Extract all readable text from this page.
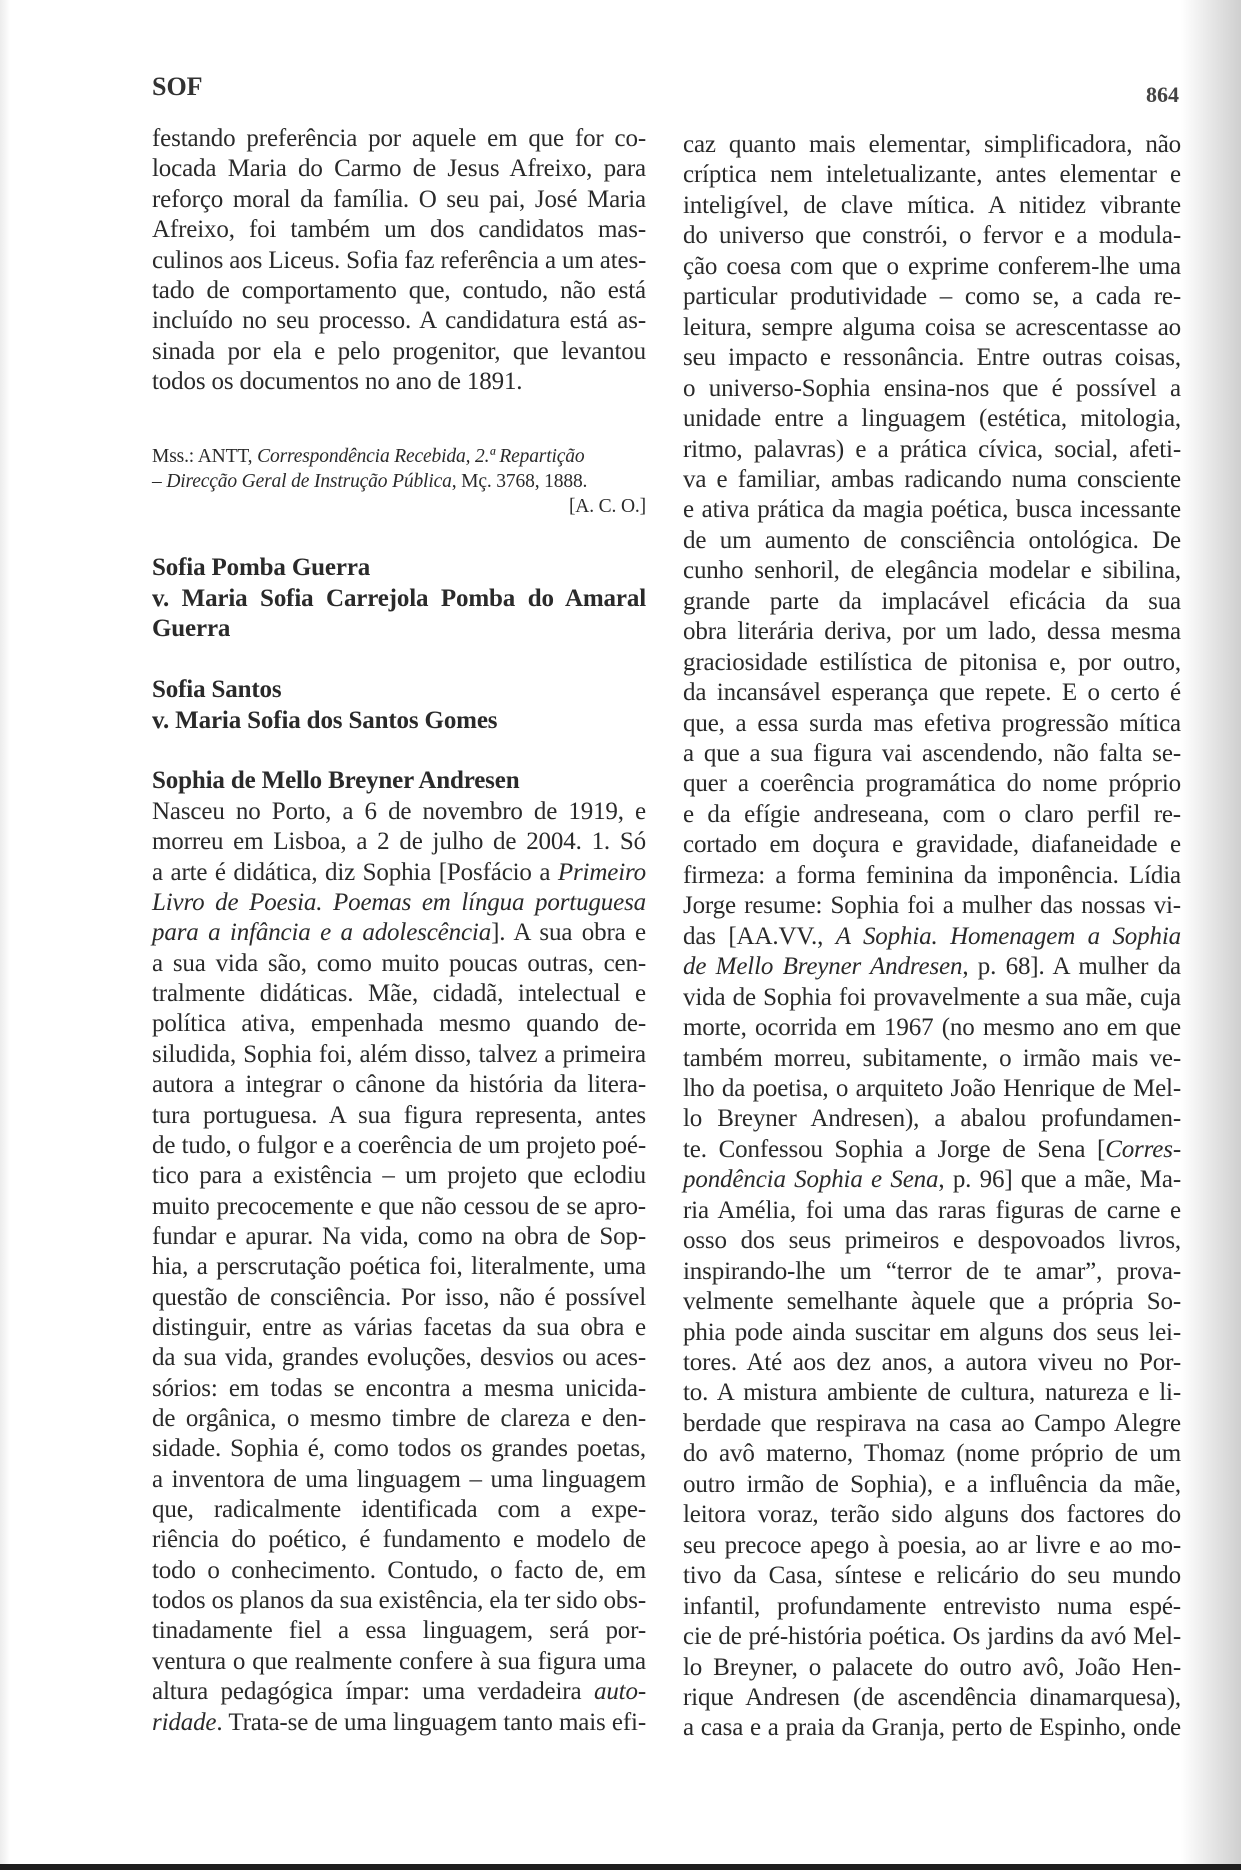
SOF	864
festando preferência por aquele em que for co-
locada Maria do Carmo de Jesus Afreixo, para
reforço moral da família. O seu pai, José Maria
Afreixo, foi também um dos candidatos mas-
culinos aos Liceus. Sofia faz referência a um ates-
tado de comportamento que, contudo, não está
incluído no seu processo. A candidatura está as-
sinada por ela e pelo progenitor, que levantou
todos os documentos no ano de 1891.
Mss.: ANTT, Correspondência Recebida, 2.ª Repartição
– Direcção Geral de Instrução Pública, Mç. 3768, 1888.
[A. C. O.]
Sofia Pomba Guerra
v. Maria Sofia Carrejola Pomba do Amaral
Guerra
Sofia Santos
v. Maria Sofia dos Santos Gomes
Sophia de Mello Breyner Andresen
Nasceu no Porto, a 6 de novembro de 1919, e
morreu em Lisboa, a 2 de julho de 2004. 1. Só
a arte é didática, diz Sophia [Posfácio a Primeiro
Livro de Poesia. Poemas em língua portuguesa
para a infância e a adolescência]. A sua obra e
a sua vida são, como muito poucas outras, cen-
tralmente didáticas. Mãe, cidadã, intelectual e
política ativa, empenhada mesmo quando de-
siludida, Sophia foi, além disso, talvez a primeira
autora a integrar o cânone da história da litera-
tura portuguesa. A sua figura representa, antes
de tudo, o fulgor e a coerência de um projeto poé-
tico para a existência – um projeto que eclodiu
muito precocemente e que não cessou de se apro-
fundar e apurar. Na vida, como na obra de Sop-
hia, a perscrutação poética foi, literalmente, uma
questão de consciência. Por isso, não é possível
distinguir, entre as várias facetas da sua obra e
da sua vida, grandes evoluções, desvios ou aces-
sórios: em todas se encontra a mesma unicida-
de orgânica, o mesmo timbre de clareza e den-
sidade. Sophia é, como todos os grandes poetas,
a inventora de uma linguagem – uma linguagem
que, radicalmente identificada com a expe-
riência do poético, é fundamento e modelo de
todo o conhecimento. Contudo, o facto de, em
todos os planos da sua existência, ela ter sido obs-
tinadamente fiel a essa linguagem, será por-
ventura o que realmente confere à sua figura uma
altura pedagógica ímpar: uma verdadeira auto-
ridade. Trata-se de uma linguagem tanto mais efi-
caz quanto mais elementar, simplificadora, não
críptica nem inteletualizante, antes elementar e
inteligível, de clave mítica. A nitidez vibrante
do universo que constrói, o fervor e a modula-
ção coesa com que o exprime conferem-lhe uma
particular produtividade – como se, a cada re-
leitura, sempre alguma coisa se acrescentasse ao
seu impacto e ressonância. Entre outras coisas,
o universo-Sophia ensina-nos que é possível a
unidade entre a linguagem (estética, mitologia,
ritmo, palavras) e a prática cívica, social, afeti-
va e familiar, ambas radicando numa consciente
e ativa prática da magia poética, busca incessante
de um aumento de consciência ontológica. De
cunho senhoril, de elegância modelar e sibilina,
grande parte da implacável eficácia da sua
obra literária deriva, por um lado, dessa mesma
graciosidade estilística de pitonisa e, por outro,
da incansável esperança que repete. E o certo é
que, a essa surda mas efetiva progressão mítica
a que a sua figura vai ascendendo, não falta se-
quer a coerência programática do nome próprio
e da efígie andreseana, com o claro perfil re-
cortado em doçura e gravidade, diafaneidade e
firmeza: a forma feminina da imponência. Lídia
Jorge resume: Sophia foi a mulher das nossas vi-
das [AA.VV., A Sophia. Homenagem a Sophia
de Mello Breyner Andresen, p. 68]. A mulher da
vida de Sophia foi provavelmente a sua mãe, cuja
morte, ocorrida em 1967 (no mesmo ano em que
também morreu, subitamente, o irmão mais ve-
lho da poetisa, o arquiteto João Henrique de Mel-
lo Breyner Andresen), a abalou profundamen-
te. Confessou Sophia a Jorge de Sena [Corres-
pondência Sophia e Sena, p. 96] que a mãe, Ma-
ria Amélia, foi uma das raras figuras de carne e
osso dos seus primeiros e despovoados livros,
inspirando-lhe um “terror de te amar”, prova-
velmente semelhante àquele que a própria So-
phia pode ainda suscitar em alguns dos seus lei-
tores. Até aos dez anos, a autora viveu no Por-
to. A mistura ambiente de cultura, natureza e li-
berdade que respirava na casa ao Campo Alegre
do avô materno, Thomaz (nome próprio de um
outro irmão de Sophia), e a influência da mãe,
leitora voraz, terão sido alguns dos factores do
seu precoce apego à poesia, ao ar livre e ao mo-
tivo da Casa, síntese e relicário do seu mundo
infantil, profundamente entrevisto numa espé-
cie de pré-história poética. Os jardins da avó Mel-
lo Breyner, o palacete do outro avô, João Hen-
rique Andresen (de ascendência dinamarquesa),
a casa e a praia da Granja, perto de Espinho, onde
